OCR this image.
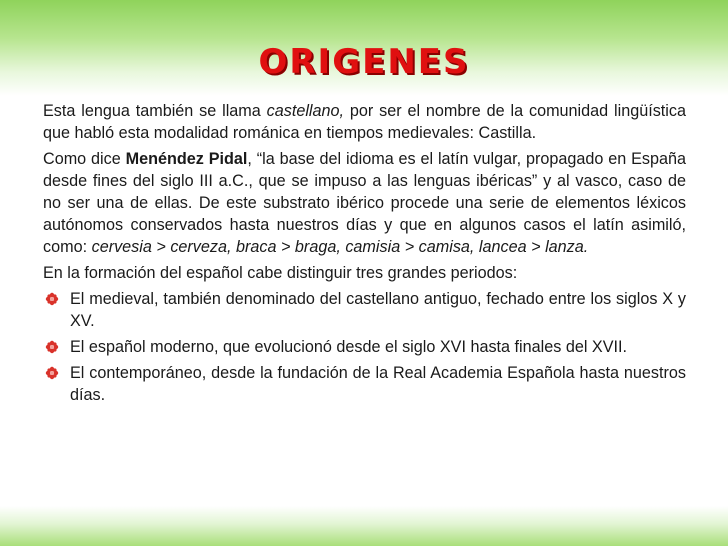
ORIGENES

Esta lengua también se llama castellano, por ser el nombre de la comunidad lingüística que habló esta modalidad románica en tiempos medievales: Castilla.

Como dice Menéndez Pidal, “la base del idioma es el latín vulgar, propagado en España desde fines del siglo III a.C., que se impuso a las lenguas ibéricas” y al vasco, caso de no ser una de ellas. De este substrato ibérico procede una serie de elementos léxicos autónomos conservados hasta nuestros días y que en algunos casos el latín asimiló, como: cervesia > cerveza, braca > braga, camisia > camisa, lancea > lanza.

En la formación del español cabe distinguir tres grandes periodos:

El medieval, también denominado del castellano antiguo, fechado entre los siglos X y XV.
El español moderno, que evolucionó desde el siglo XVI hasta finales del XVII.
El contemporáneo, desde la fundación de la Real Academia Española hasta nuestros días.
